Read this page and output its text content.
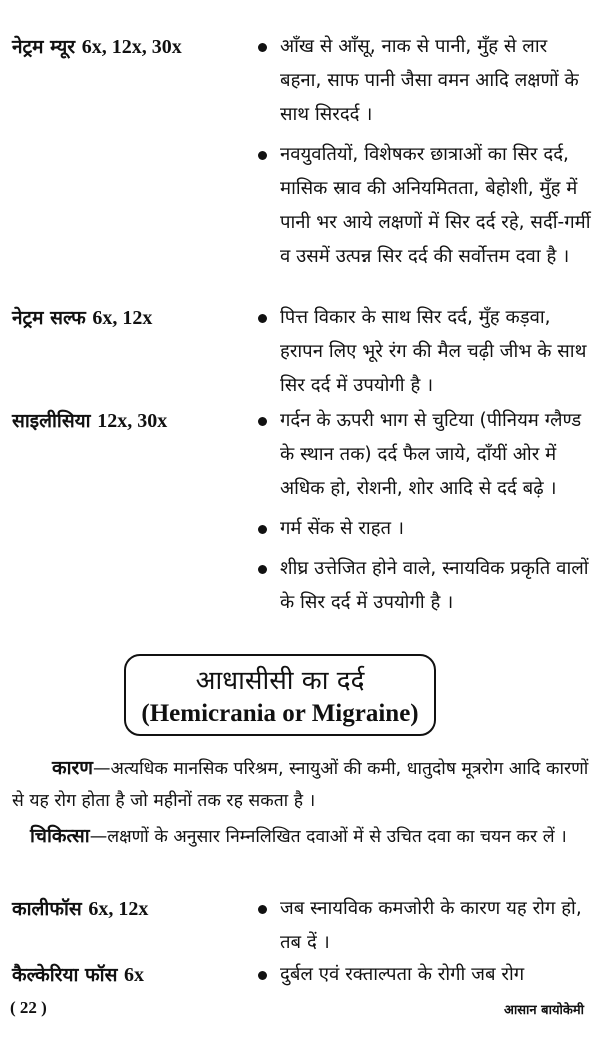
नेट्रम म्यूर 6x, 12x, 30x	आँख से आँसू, नाक से पानी, मुँह से लार बहना, साफ पानी जैसा वमन आदि लक्षणों के साथ सिरदर्द ।
नवयुवतियों, विशेषकर छात्राओं का सिर दर्द, मासिक स्राव की अनियमितता, बेहोशी, मुँह में पानी भर आये लक्षणों में सिर दर्द रहे, सर्दी-गर्मी व उसमें उत्पन्न सिर दर्द की सर्वोत्तम दवा है ।
नेट्रम सल्फ 6x, 12x	पित्त विकार के साथ सिर दर्द, मुँह कड़वा, हरापन लिए भूरे रंग की मैल चढ़ी जीभ के साथ सिर दर्द में उपयोगी है ।
साइलीसिया 12x, 30x	गर्दन के ऊपरी भाग से चुटिया (पीनियम ग्लैण्ड के स्थान तक) दर्द फैल जाये, दाँयीं ओर में अधिक हो, रोशनी, शोर आदि से दर्द बढ़े ।
गर्म सेंक से राहत ।
शीघ्र उत्तेजित होने वाले, स्नायविक प्रकृति वालों के सिर दर्द में उपयोगी है ।
आधासीसी का दर्द
(Hemicrania or Migraine)

कारण—अत्यधिक मानसिक परिश्रम, स्नायुओं की कमी, धातुदोष मूत्ररोग आदि कारणों से यह रोग होता है जो महीनों तक रह सकता है ।

चिकित्सा—लक्षणों के अनुसार निम्नलिखित दवाओं में से उचित दवा का चयन कर लें ।

कालीफॉस 6x, 12x	जब स्नायविक कमजोरी के कारण यह रोग हो, तब दें ।
कैल्केरिया फॉस 6x	दुर्बल एवं रक्ताल्पता के रोगी जब रोग
( 22 )	आसान बायोकेमी
